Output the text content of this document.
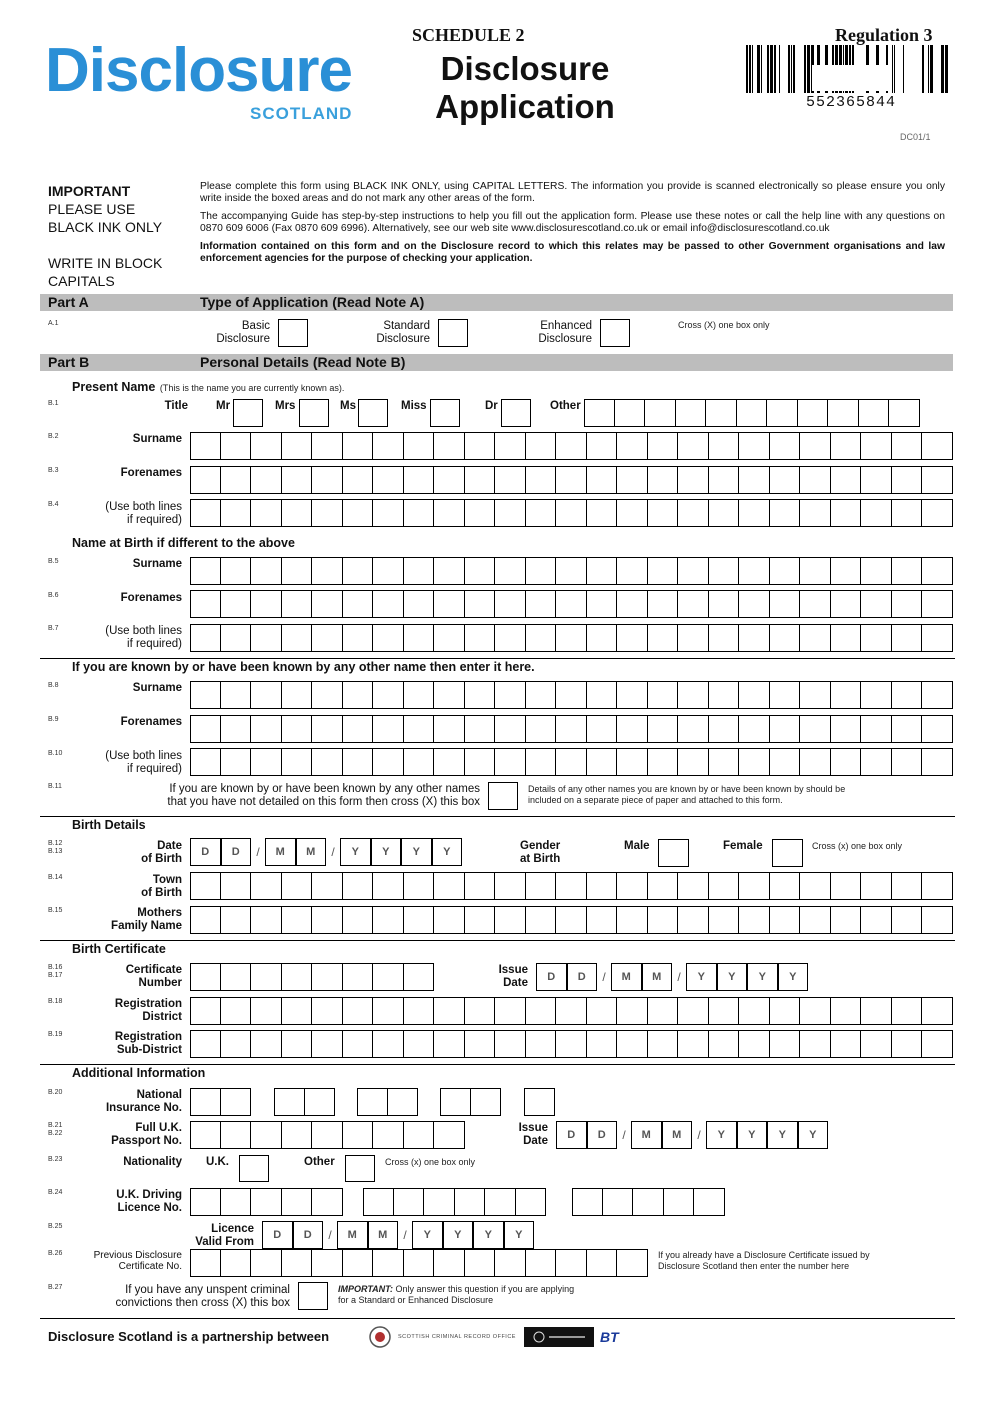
Disclosure
SCOTLAND
SCHEDULE 2	Regulation 3
Disclosure
Application	552365844
DC01/1
IMPORTANT
PLEASE USE
BLACK INK ONLY
WRITE IN BLOCK
CAPITALS

Please complete this form using BLACK INK ONLY, using CAPITAL LETTERS. The information you provide is scanned electronically so please ensure you only write inside the boxed areas and do not mark any other areas of the form.

The accompanying Guide has step-by-step instructions to help you fill out the application form. Please use these notes or call the help line with any questions on 0870 609 6006 (Fax 0870 609 6996). Alternatively, see our web site www.disclosurescotland.co.uk or email info@disclosurescotland.co.uk

Information contained on this form and on the Disclosure record to which this relates may be passed to other Government organisations and law enforcement agencies for the purpose of checking your application.

Part A	Type of Application (Read Note A)
A.1	Basic Disclosure
Standard Disclosure
Enhanced Disclosure
Cross (X) one box only
Part B	Personal Details (Read Note B)
Present Name (This is the name you are currently known as).
B.1	Title Mr	Mrs	Ms	Miss	Dr	Other
B.2	Surname
B.3	Forenames
B.4	(Use both lines
if required)
Name at Birth if different to the above
B.5	Surname
B.6	Forenames
B.7	(Use both lines
if required)
If you are known by or have been known by any other name then enter it here.
B.8	Surname
B.9	Forenames
B.10	(Use both lines
if required)
B.11	If you are known by or have been known by any other names
that you have not detailed on this form then cross (X) this box
Details of any other names you are known by or have been known by should be included on a separate piece of paper and attached to this form.
Birth Details
B.12
B.13	Date
of Birth
D	D	/	M	M	/	Y	Y	Y	Y	Gender
at Birth
Male	Female	Cross (x) one box only
B.14	Town
of Birth
B.15	Mothers
Family Name
Birth Certificate
B.16
B.17	Certificate
Number
Issue
Date	D	D	/	M	M	/	Y	Y	Y	Y
B.18	Registration
District
B.19	Registration
Sub-District
Additional Information
B.20	National
Insurance No.
B.21
B.22	Full U.K.
Passport No.
Issue
Date	D	D	/	M	M	/	Y	Y	Y	Y
B.23	Nationality U.K.	Other	Cross (x) one box only
B.24	U.K. Driving
Licence No.
B.25	Licence
Valid From
D	D	/	M	M	/	Y	Y	Y	Y
B.26	Previous Disclosure
Certificate No.
If you already have a Disclosure Certificate issued by Disclosure Scotland then enter the number here
B.27	If you have any unspent criminal
convictions then cross (X) this box
IMPORTANT: Only answer this question if you are applying for a Standard or Enhanced Disclosure
Disclosure Scotland is a partnership between	SCOTTISH CRIMINAL RECORD OFFICE	BT
